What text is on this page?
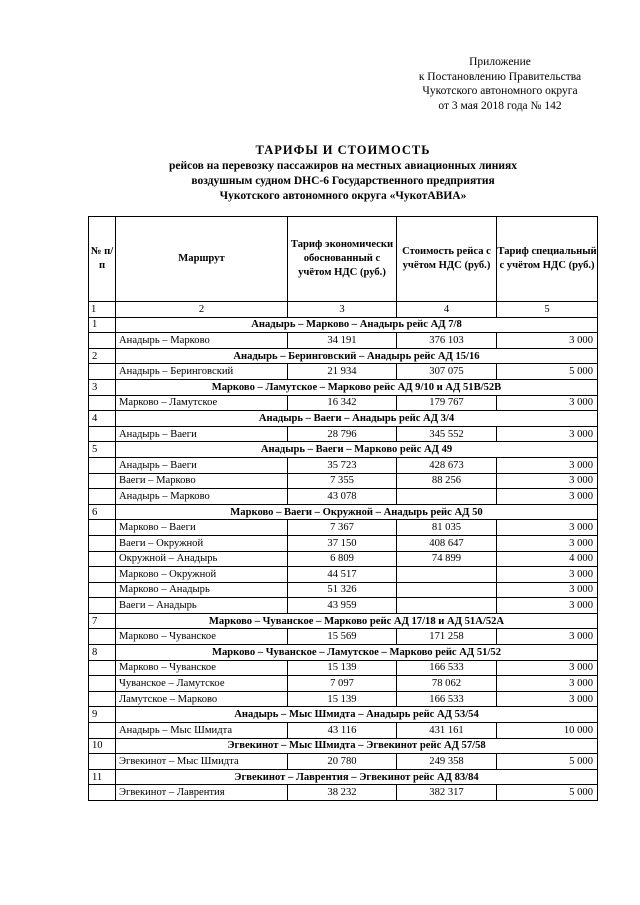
Приложение
к Постановлению Правительства
Чукотского автономного округа
от 3 мая 2018 года № 142
ТАРИФЫ И СТОИМОСТЬ
рейсов на перевозку пассажиров на местных авиационных линиях
воздушным судном DHC-6 Государственного предприятия
Чукотского автономного округа «ЧукотАВИА»
№ п/п	Маршрут	Тариф экономически обоснованный с учётом НДС (руб.)	Стоимость рейса с учётом НДС (руб.)	Тариф специальный с учётом НДС (руб.)
1	2	3	4	5
1	Анадырь – Марково – Анадырь рейс АД 7/8			
	Анадырь – Марково	34 191	376 103	3 000
2	Анадырь – Беринговский – Анадырь рейс АД 15/16			
	Анадырь – Беринговский	21 934	307 075	5 000
3	Марково – Ламутское – Марково рейс АД 9/10 и АД 51В/52В			
	Марково – Ламутское	16 342	179 767	3 000
4	Анадырь – Ваеги – Анадырь рейс АД 3/4			
	Анадырь – Ваеги	28 796	345 552	3 000
5	Анадырь – Ваеги – Марково рейс АД 49			
	Анадырь – Ваеги	35 723	428 673	3 000
	Ваеги – Марково	7 355	88 256	3 000
	Анадырь – Марково	43 078		3 000
6	Марково – Ваеги – Окружной – Анадырь рейс АД 50			
	Марково – Ваеги	7 367	81 035	3 000
	Ваеги – Окружной	37 150	408 647	3 000
	Окружной – Анадырь	6 809	74 899	4 000
	Марково – Окружной	44 517		3 000
	Марково – Анадырь	51 326		3 000
	Ваеги – Анадырь	43 959		3 000
7	Марково – Чуванское – Марково рейс АД 17/18 и АД 51А/52А			
	Марково – Чуванское	15 569	171 258	3 000
8	Марково – Чуванское – Ламутское – Марково рейс АД 51/52			
	Марково – Чуванское	15 139	166 533	3 000
	Чуванское – Ламутское	7 097	78 062	3 000
	Ламутское – Марково	15 139	166 533	3 000
9	Анадырь – Мыс Шмидта – Анадырь рейс АД 53/54			
	Анадырь – Мыс Шмидта	43 116	431 161	10 000
10	Эгвекинот – Мыс Шмидта – Эгвекинот рейс АД 57/58			
	Эгвекинот – Мыс Шмидта	20 780	249 358	5 000
11	Эгвекинот – Лаврентия – Эгвекинот рейс АД 83/84			
	Эгвекинот – Лаврентия	38 232	382 317	5 000
